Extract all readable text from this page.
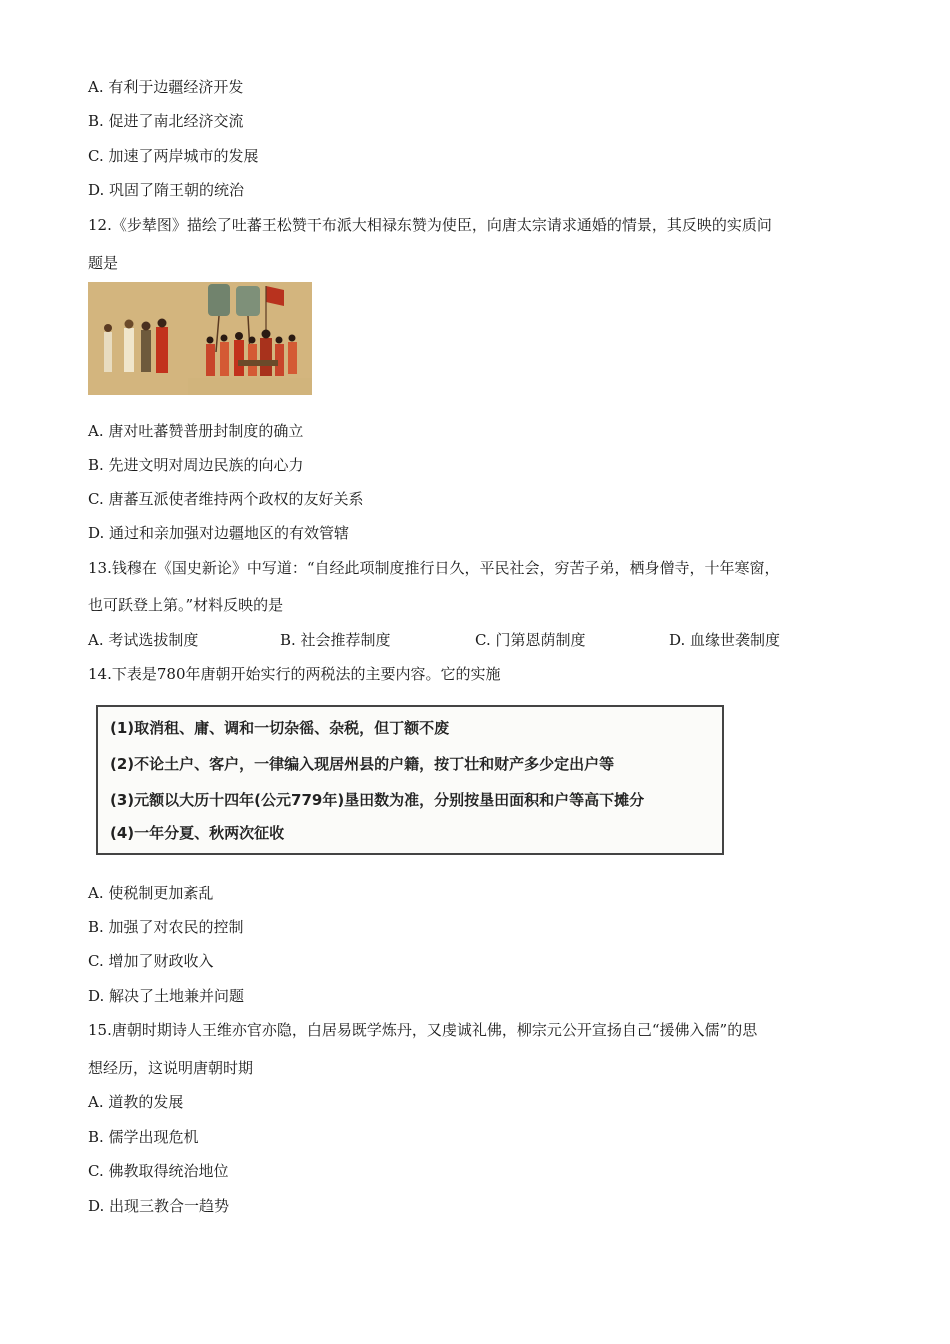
A. 有利于边疆经济开发
B. 促进了南北经济交流
C. 加速了两岸城市的发展
D. 巩固了隋王朝的统治
12.《步辇图》描绘了吐蕃王松赞干布派大相禄东赞为使臣，向唐太宗请求通婚的情景，其反映的实质问
题是
A. 唐对吐蕃赞普册封制度的确立
B. 先进文明对周边民族的向心力
C. 唐蕃互派使者维持两个政权的友好关系
D. 通过和亲加强对边疆地区的有效管辖
13.钱穆在《国史新论》中写道：“自经此项制度推行日久，平民社会，穷苦子弟，栖身僧寺，十年寒窗，
也可跃登上第。”材料反映的是
A. 考试选拔制度	B. 社会推荐制度	C. 门第恩荫制度	D. 血缘世袭制度
14.下表是780年唐朝开始实行的两税法的主要内容。它的实施
(1)取消租、庸、调和一切杂徭、杂税，但丁额不废
(2)不论土户、客户，一律编入现居州县的户籍，按丁壮和财产多少定出户等
(3)元额以大历十四年(公元779年)垦田数为准，分别按垦田面积和户等高下摊分
(4)一年分夏、秋两次征收
A. 使税制更加紊乱
B. 加强了对农民的控制
C. 增加了财政收入
D. 解决了土地兼并问题
15.唐朝时期诗人王维亦官亦隐，白居易既学炼丹，又虔诚礼佛，柳宗元公开宣扬自己“援佛入儒”的思
想经历，这说明唐朝时期
A. 道教的发展
B. 儒学出现危机
C. 佛教取得统治地位
D. 出现三教合一趋势
